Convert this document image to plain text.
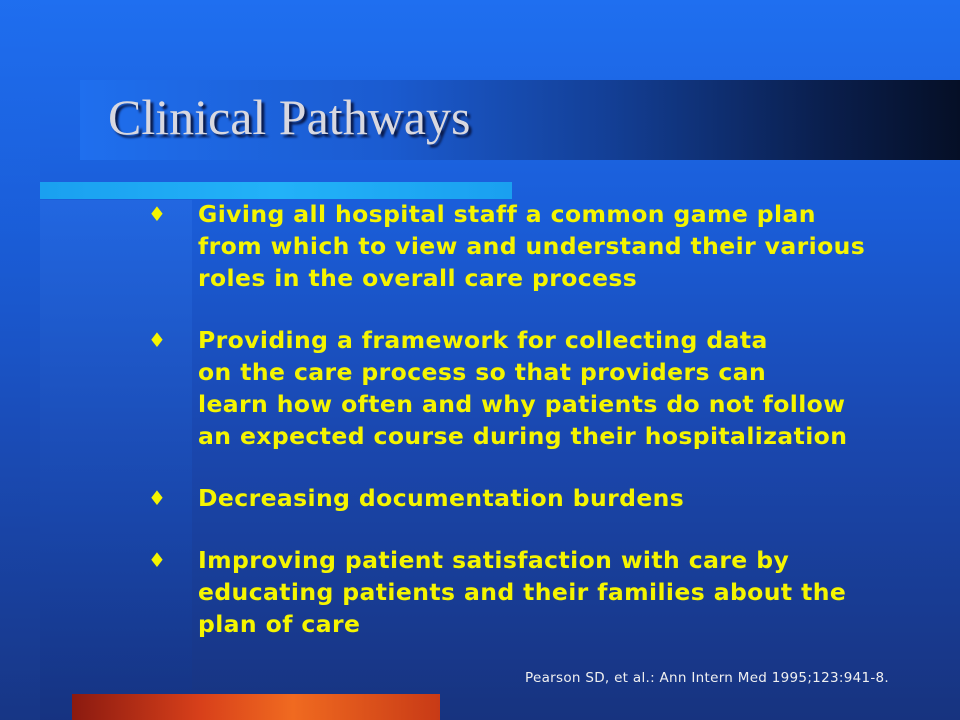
Clinical Pathways
♦ Giving all hospital staff a common game plan
from which to view and understand their various
roles in the overall care process
♦ Providing a framework for collecting data
on the care process so that providers can
learn how often and why patients do not follow
an expected course during their hospitalization
♦ Decreasing documentation burdens
♦ Improving patient satisfaction with care by
educating patients and their families about the
plan of care
Pearson SD, et al.: Ann Intern Med 1995;123:941-8.
